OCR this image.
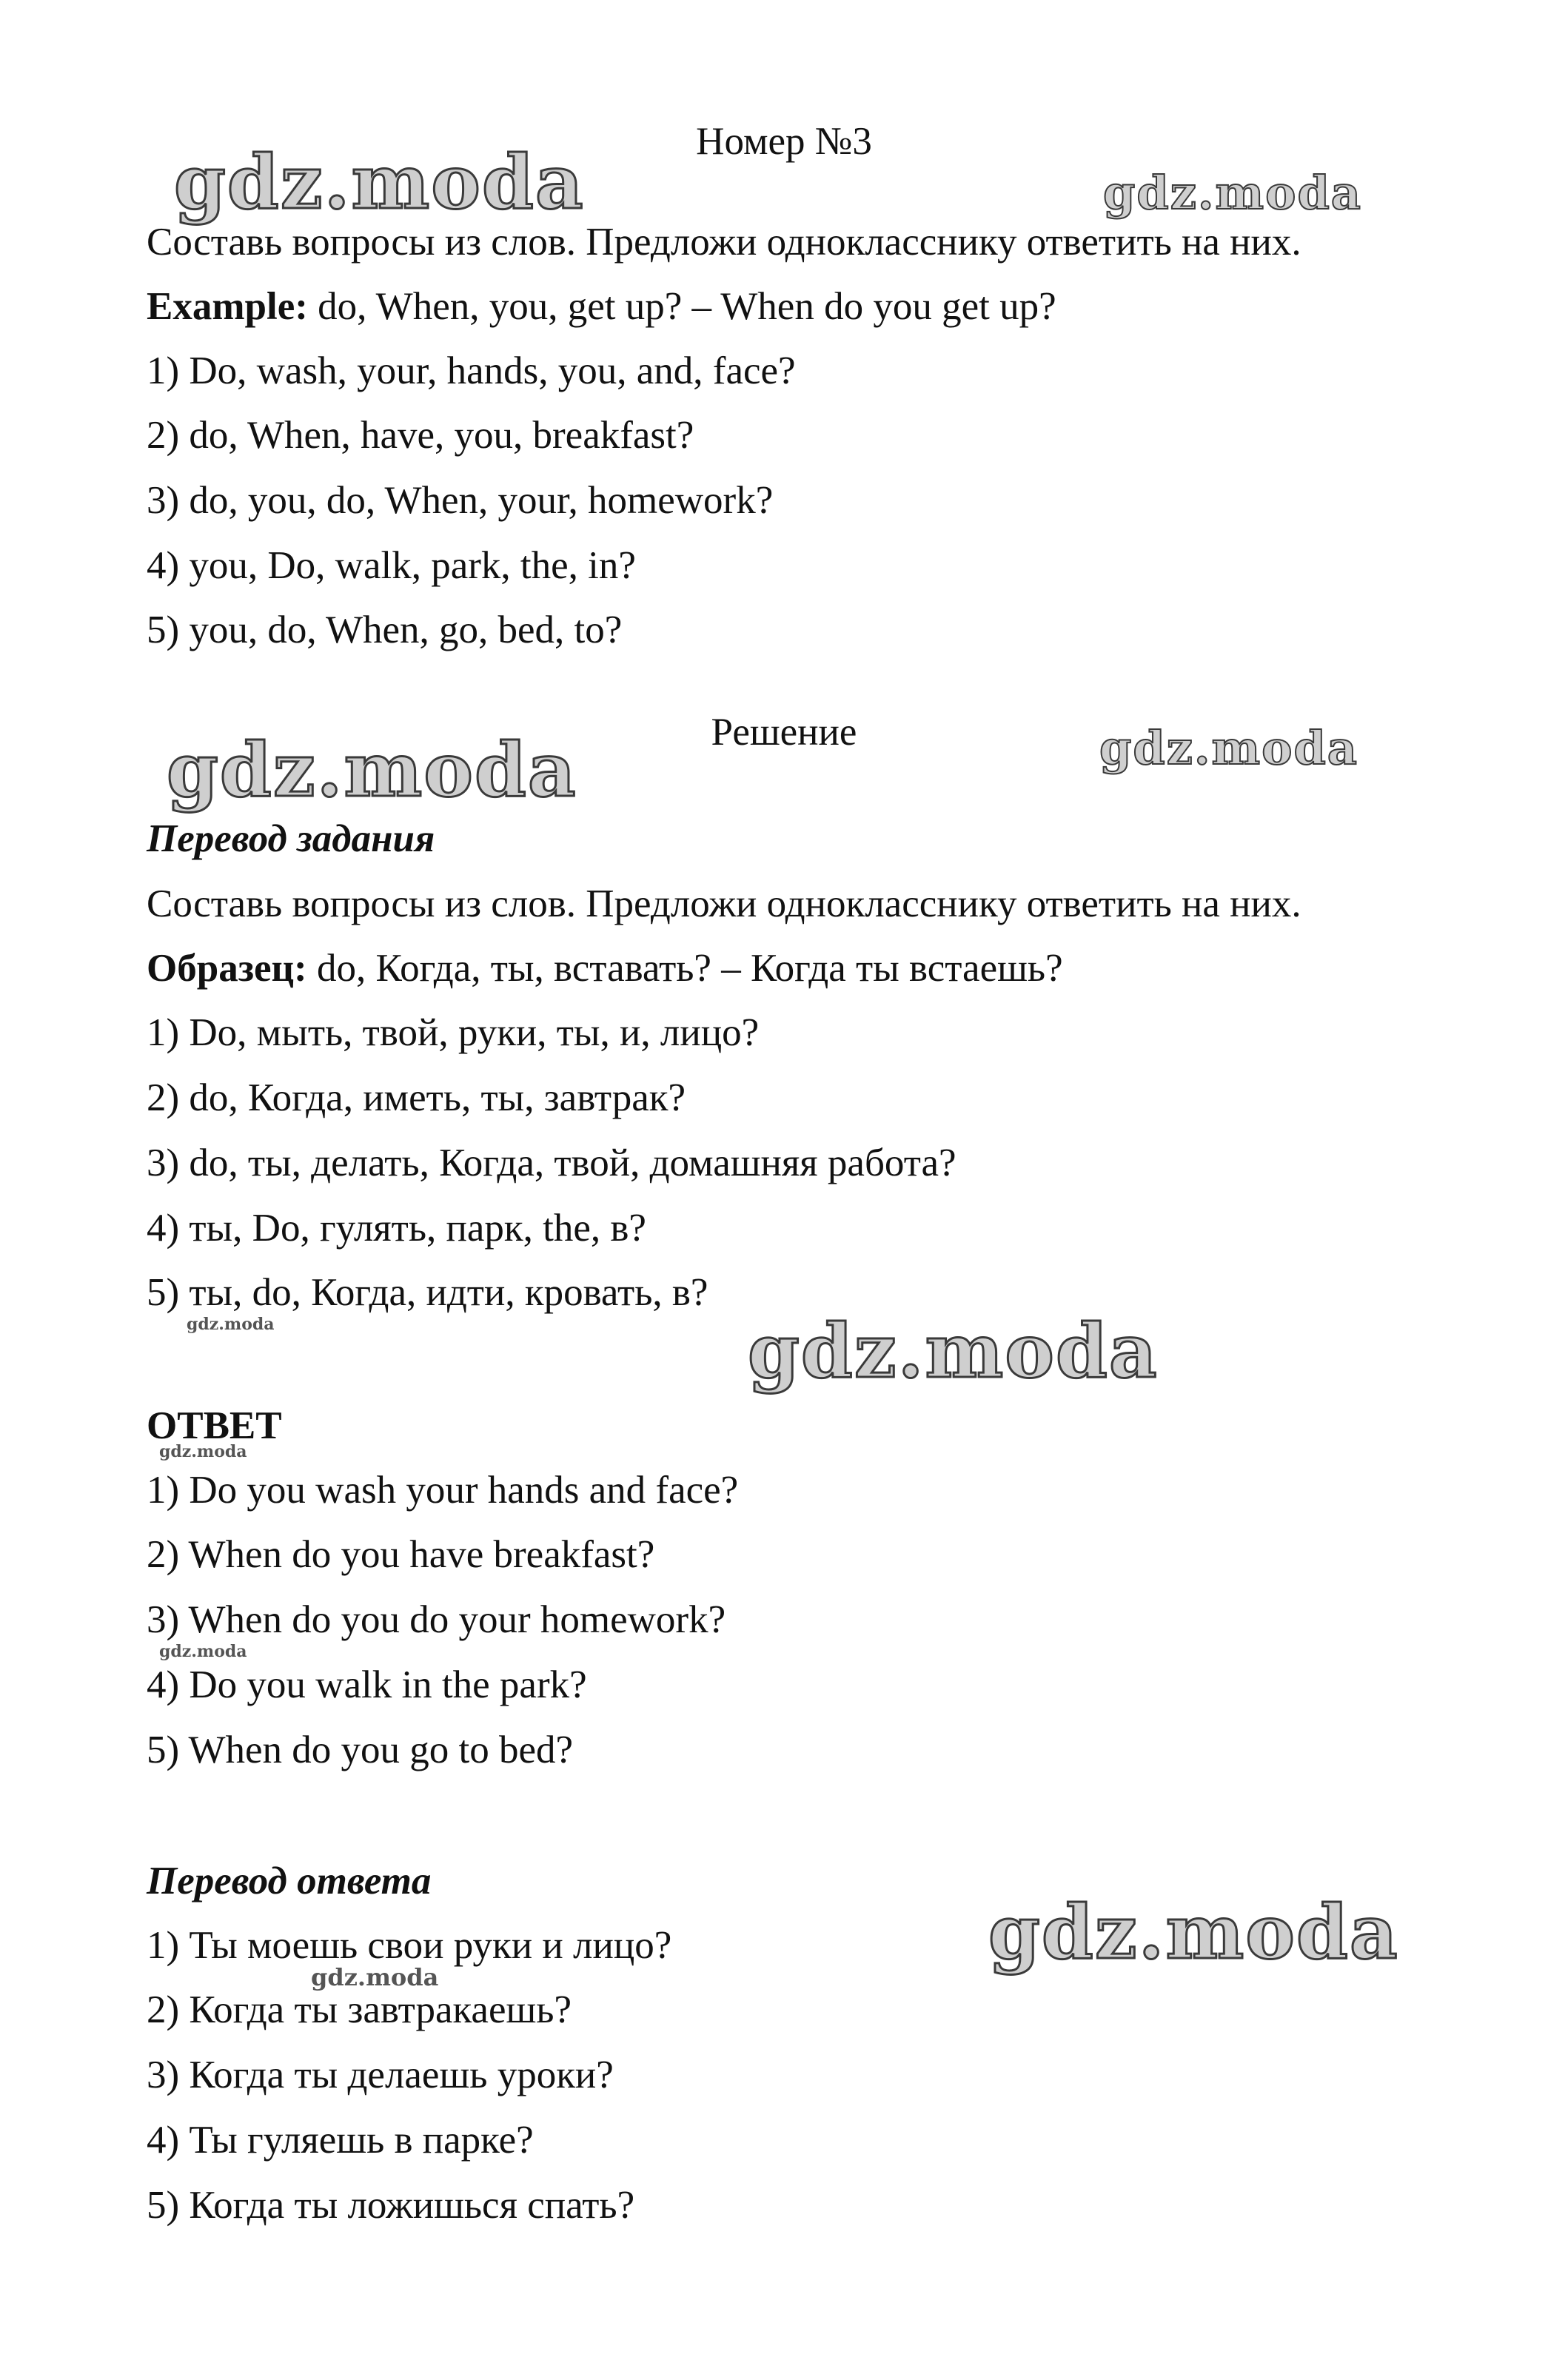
Номер №3
Составь вопросы из слов. Предложи однокласснику ответить на них.
Example: do, When, you, get up? – When do you get up?
1) Do, wash, your, hands, you, and, face?
2) do, When, have, you, breakfast?
3) do, you, do, When, your, homework?
4) you, Do, walk, park, the, in?
5) you, do, When, go, bed, to?
Решение
Перевод задания
Составь вопросы из слов. Предложи однокласснику ответить на них.
Образец: do, Когда, ты, вставать? – Когда ты встаешь?
1) Do, мыть, твой, руки, ты, и, лицо?
2) do, Когда, иметь, ты, завтрак?
3) do, ты, делать, Когда, твой, домашняя работа?
4) ты, Do, гулять, парк, the, в?
5) ты, do, Когда, идти, кровать, в?
ОТВЕТ
1) Do you wash your hands and face?
2) When do you have breakfast?
3) When do you do your homework?
4) Do you walk in the park?
5) When do you go to bed?
Перевод ответа
1) Ты моешь свои руки и лицо?
2) Когда ты завтракаешь?
3) Когда ты делаешь уроки?
4) Ты гуляешь в парке?
5) Когда ты ложишься спать?
gdz.moda	gdz.moda
gdz.moda	gdz.moda
gdz.moda
gdz.moda
gdz.moda
gdz.moda
gdz.moda
gdz.moda
